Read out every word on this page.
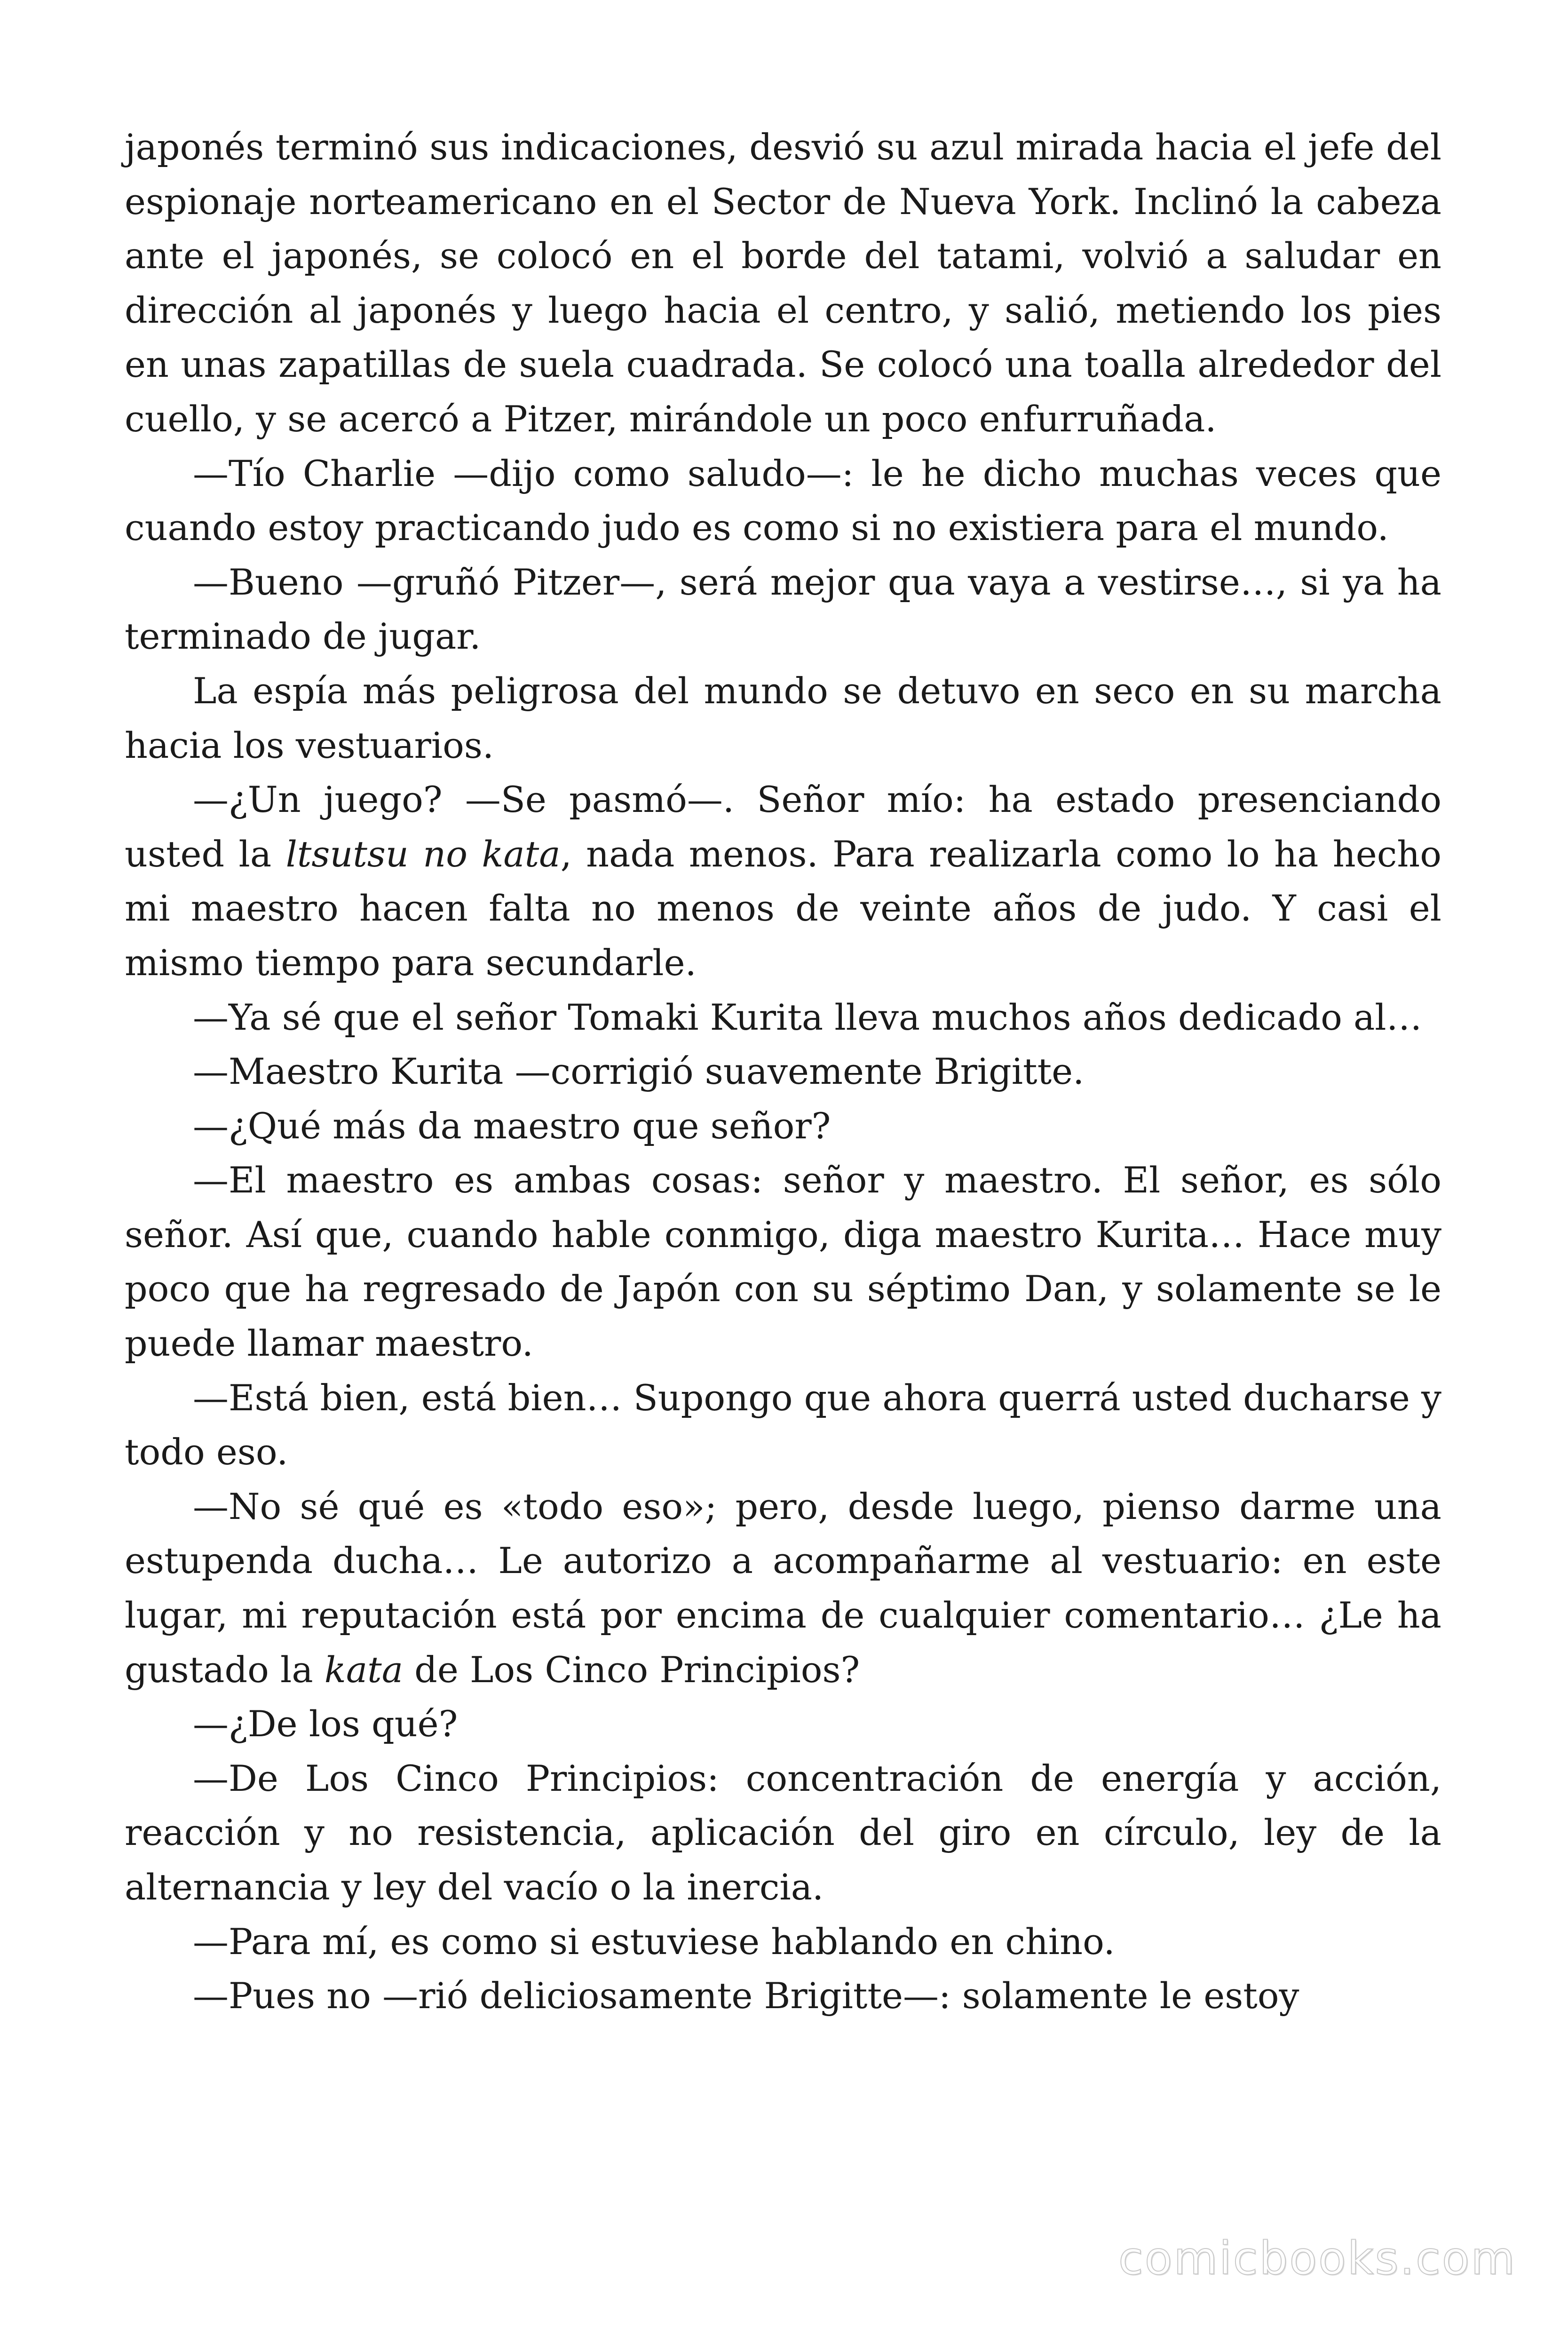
japonés terminó sus indicaciones, desvió su azul mirada hacia el jefe del espionaje norteamericano en el Sector de Nueva York. Inclinó la cabeza ante el japonés, se colocó en el borde del tatami, volvió a saludar en dirección al japonés y luego hacia el centro, y salió, metiendo los pies en unas zapatillas de suela cuadrada. Se colocó una toalla alrededor del cuello, y se acercó a Pitzer, mirándole un poco enfurruñada.

—Tío Charlie —dijo como saludo—: le he dicho muchas veces que cuando estoy practicando judo es como si no existiera para el mundo.

—Bueno —gruñó Pitzer—, será mejor qua vaya a vestirse…, si ya ha terminado de jugar.

La espía más peligrosa del mundo se detuvo en seco en su marcha hacia los vestuarios.

—¿Un juego? —Se pasmó—. Señor mío: ha estado presenciando usted la ltsutsu no kata, nada menos. Para realizarla como lo ha hecho mi maestro hacen falta no menos de veinte años de judo. Y casi el mismo tiempo para secundarle.

—Ya sé que el señor Tomaki Kurita lleva muchos años dedicado al…

—Maestro Kurita —corrigió suavemente Brigitte.

—¿Qué más da maestro que señor?

—El maestro es ambas cosas: señor y maestro. El señor, es sólo señor. Así que, cuando hable conmigo, diga maestro Kurita… Hace muy poco que ha regresado de Japón con su séptimo Dan, y solamente se le puede llamar maestro.

—Está bien, está bien… Supongo que ahora querrá usted ducharse y todo eso.

—No sé qué es «todo eso»; pero, desde luego, pienso darme una estupenda ducha… Le autorizo a acompañarme al vestuario: en este lugar, mi reputación está por encima de cualquier comentario… ¿Le ha gustado la kata de Los Cinco Principios?

—¿De los qué?

—De Los Cinco Principios: concentración de energía y acción, reacción y no resistencia, aplicación del giro en círculo, ley de la alternancia y ley del vacío o la inercia.

—Para mí, es como si estuviese hablando en chino.

—Pues no —rió deliciosamente Brigitte—: solamente le estoy

comicbooks.com
